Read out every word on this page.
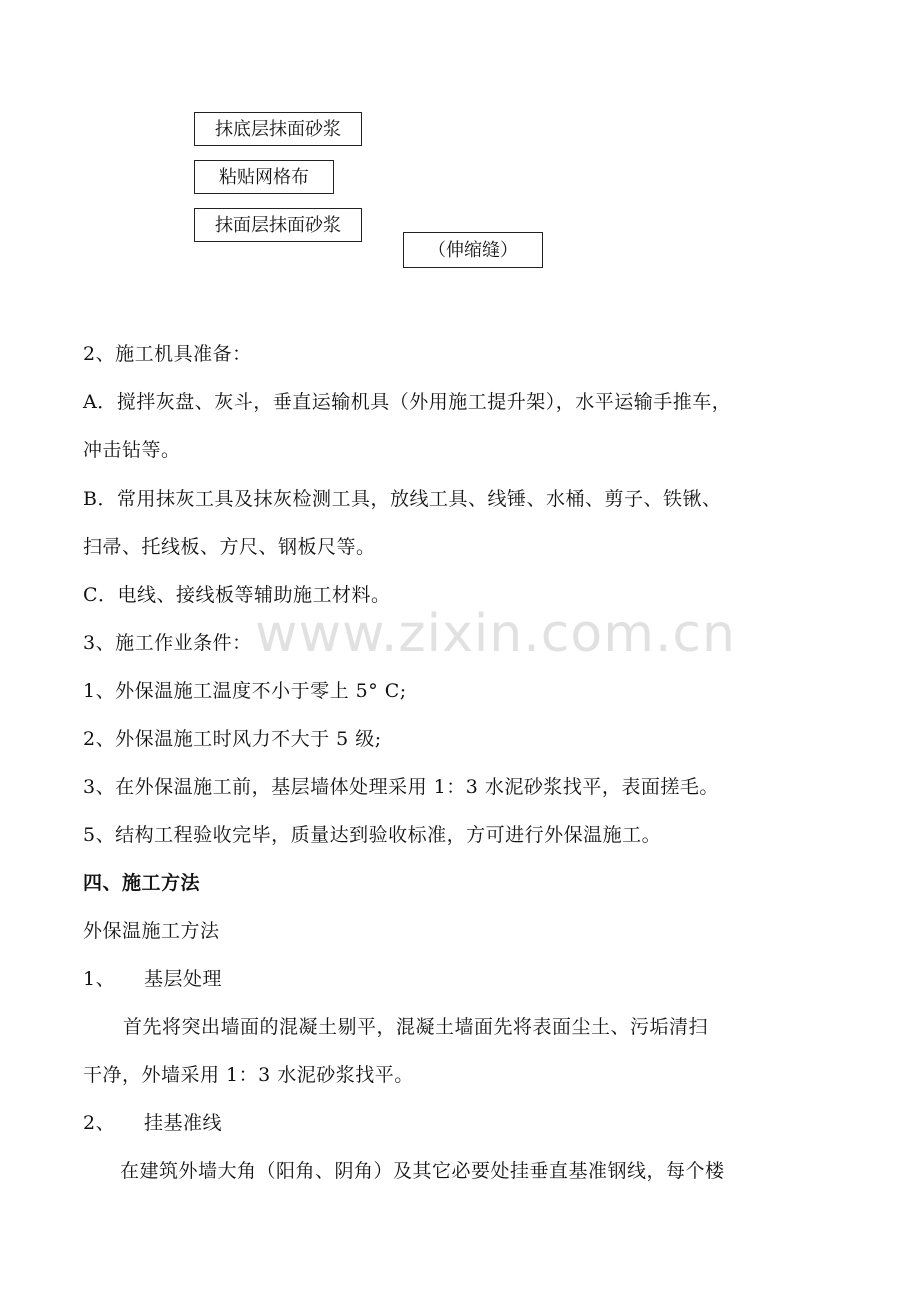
抹底层抹面砂浆
粘贴网格布
抹面层抹面砂浆
（伸缩缝）
www.zixin.com.cn
2、施工机具准备：
A．搅拌灰盘、灰斗，垂直运输机具（外用施工提升架），水平运输手推车，
冲击钻等。
B．常用抹灰工具及抹灰检测工具，放线工具、线锤、水桶、剪子、铁锹、
扫帚、托线板、方尺、钢板尺等。
C．电线、接线板等辅助施工材料。
3、施工作业条件：
1、外保温施工温度不小于零上 5° C;
2、外保温施工时风力不大于 5 级;
3、在外保温施工前，基层墙体处理采用 1：3 水泥砂浆找平，表面搓毛。
5、结构工程验收完毕，质量达到验收标准，方可进行外保温施工。
四、施工方法
外保温施工方法
1、 基层处理
首先将突出墙面的混凝土剔平，混凝土墙面先将表面尘土、污垢清扫
干净，外墙采用 1：3 水泥砂浆找平。
2、 挂基准线
在建筑外墙大角（阳角、阴角）及其它必要处挂垂直基准钢线，每个楼
